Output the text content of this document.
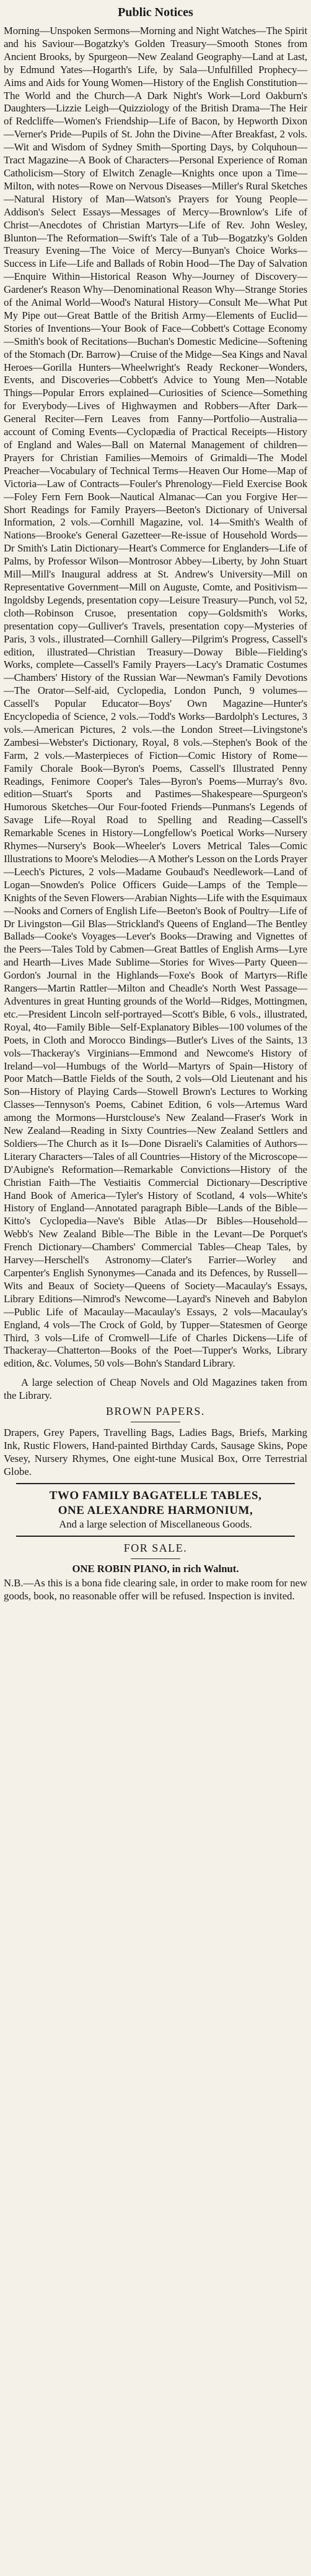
Public Notices

Morning—Unspoken Sermons—Morning and Night Watches—The Spirit and his Saviour—Bogatzky's Golden Treasury—Smooth Stones from Ancient Brooks, by Spurgeon—New Zealand Geography—Land at Last, by Edmund Yates—Hogarth's Life, by Sala—Unfulfilled Prophecy—Aims and Aids for Young Women—History of the English Constitution—The World and the Church—A Dark Night's Work—Lord Oakburn's Daughters—Lizzie Leigh—Quizziology of the British Drama—The Heir of Redcliffe—Women's Friendship—Life of Bacon, by Hepworth Dixon—Verner's Pride—Pupils of St. John the Divine—After Breakfast, 2 vols.—Wit and Wisdom of Sydney Smith—Sporting Days, by Colquhoun—Tract Magazine—A Book of Characters—Personal Experience of Roman Catholicism—Story of Elwitch Zenagle—Knights once upon a Time—Milton, with notes—Rowe on Nervous Diseases—Miller's Rural Sketches—Natural History of Man—Watson's Prayers for Young People—Addison's Select Essays—Messages of Mercy—Brownlow's Life of Christ—Anecdotes of Christian Martyrs—Life of Rev. John Wesley, Blunton—The Reformation—Swift's Tale of a Tub—Bogatzky's Golden Treasury Evening—The Voice of Mercy—Bunyan's Choice Works—Success in Life—Life and Ballads of Robin Hood—The Day of Salvation—Enquire Within—Historical Reason Why—Journey of Discovery—Gardener's Reason Why—Denominational Reason Why—Strange Stories of the Animal World—Wood's Natural History—Consult Me—What Put My Pipe out—Great Battle of the British Army—Elements of Euclid—Stories of Inventions—Your Book of Face—Cobbett's Cottage Economy—Smith's book of Recitations—Buchan's Domestic Medicine—Softening of the Stomach (Dr. Barrow)—Cruise of the Midge—Sea Kings and Naval Heroes—Gorilla Hunters—Wheelwright's Ready Reckoner—Wonders, Events, and Discoveries—Cobbett's Advice to Young Men—Notable Things—Popular Errors explained—Curiosities of Science—Something for Everybody—Lives of Highwaymen and Robbers—After Dark—General Reciter—Fern Leaves from Fanny—Portfolio—Australia—account of Coming Events—Cyclopædia of Practical Receipts—History of England and Wales—Ball on Maternal Management of children—Prayers for Christian Families—Memoirs of Grimaldi—The Model Preacher—Vocabulary of Technical Terms—Heaven Our Home—Map of Victoria—Law of Contracts—Fouler's Phrenology—Field Exercise Book—Foley Fern Fern Book—Nautical Almanac—Can you Forgive Her—Short Readings for Family Prayers—Beeton's Dictionary of Universal Information, 2 vols.—Cornhill Magazine, vol. 14—Smith's Wealth of Nations—Brooke's General Gazetteer—Re-issue of Household Words—Dr Smith's Latin Dictionary—Heart's Commerce for Englanders—Life of Palms, by Professor Wilson—Montrosor Abbey—Liberty, by John Stuart Mill—Mill's Inaugural address at St. Andrew's University—Mill on Representative Government—Mill on Auguste, Comte, and Positivism—Ingoldsby Legends, presentation copy—Leisure Treasury—Punch, vol 52, cloth—Robinson Crusoe, presentation copy—Goldsmith's Works, presentation copy—Gulliver's Travels, presentation copy—Mysteries of Paris, 3 vols., illustrated—Cornhill Gallery—Pilgrim's Progress, Cassell's edition, illustrated—Christian Treasury—Doway Bible—Fielding's Works, complete—Cassell's Family Prayers—Lacy's Dramatic Costumes—Chambers' History of the Russian War—Newman's Family Devotions—The Orator—Self-aid, Cyclopedia, London Punch, 9 volumes—Cassell's Popular Educator—Boys' Own Magazine—Hunter's Encyclopedia of Science, 2 vols.—Todd's Works—Bardolph's Lectures, 3 vols.—American Pictures, 2 vols.—the London Street—Livingstone's Zambesi—Webster's Dictionary, Royal, 8 vols.—Stephen's Book of the Farm, 2 vols.—Masterpieces of Fiction—Comic History of Rome—Family Chorale Book—Byron's Poems, Cassell's Illustrated Penny Readings, Fenimore Cooper's Tales—Byron's Poems—Murray's 8vo. edition—Stuart's Sports and Pastimes—Shakespeare—Spurgeon's Humorous Sketches—Our Four-footed Friends—Punmans's Legends of Savage Life—Royal Road to Spelling and Reading—Cassell's Remarkable Scenes in History—Longfellow's Poetical Works—Nursery Rhymes—Nursery's Book—Wheeler's Lovers Metrical Tales—Comic Illustrations to Moore's Melodies—A Mother's Lesson on the Lords Prayer—Leech's Pictures, 2 vols—Madame Goubaud's Needlework—Land of Logan—Snowden's Police Officers Guide—Lamps of the Temple—Knights of the Seven Flowers—Arabian Nights—Life with the Esquimaux—Nooks and Corners of English Life—Beeton's Book of Poultry—Life of Dr Livingston—Gil Blas—Strickland's Queens of England—The Bentley Ballads—Cooke's Voyages—Lever's Books—Drawing and Vignettes of the Peers—Tales Told by Cabmen—Great Battles of English Arms—Lyre and Hearth—Lives Made Sublime—Stories for Wives—Party Queen—Gordon's Journal in the Highlands—Foxe's Book of Martyrs—Rifle Rangers—Martin Rattler—Milton and Cheadle's North West Passage—Adventures in great Hunting grounds of the World—Ridges, Mottingmen, etc.—President Lincoln self-portrayed—Scott's Bible, 6 vols., illustrated, Royal, 4to—Family Bible—Self-Explanatory Bibles—100 volumes of the Poets, in Cloth and Morocco Bindings—Butler's Lives of the Saints, 13 vols—Thackeray's Virginians—Emmond and Newcome's History of Ireland—vol—Humbugs of the World—Martyrs of Spain—History of Poor Match—Battle Fields of the South, 2 vols—Old Lieutenant and his Son—History of Playing Cards—Stowell Brown's Lectures to Working Classes—Tennyson's Poems, Cabinet Edition, 6 vols—Artemus Ward among the Mormons—Hurstclouse's New Zealand—Fraser's Work in New Zealand—Reading in Sixty Countries—New Zealand Settlers and Soldiers—The Church as it Is—Done Disraeli's Calamities of Authors—Literary Characters—Tales of all Countries—History of the Microscope—D'Aubigne's Reformation—Remarkable Convictions—History of the Christian Faith—The Vestiaitis Commercial Dictionary—Descriptive Hand Book of America—Tyler's History of Scotland, 4 vols—White's History of England—Annotated paragraph Bible—Lands of the Bible—Kitto's Cyclopedia—Nave's Bible Atlas—Dr Bibles—Household—Webb's New Zealand Bible—The Bible in the Levant—De Porquet's French Dictionary—Chambers' Commercial Tables—Cheap Tales, by Harvey—Herschell's Astronomy—Clater's Farrier—Worley and Carpenter's English Synonymes—Canada and its Defences, by Russell—Wits and Beaux of Society—Queens of Society—Macaulay's Essays, Library Editions—Nimrod's Newcome—Layard's Nineveh and Babylon—Public Life of Macaulay—Macaulay's Essays, 2 vols—Macaulay's England, 4 vols—The Crock of Gold, by Tupper—Statesmen of George Third, 3 vols—Life of Cromwell—Life of Charles Dickens—Life of Thackeray—Chatterton—Books of the Poet—Tupper's Works, Library edition, &c. Volumes, 50 vols—Bohn's Standard Library.

A large selection of Cheap Novels and Old Magazines taken from the Library.

BROWN PAPERS.

Drapers, Grey Papers, Travelling Bags, Ladies Bags, Briefs, Marking Ink, Rustic Flowers, Hand-painted Birthday Cards, Sausage Skins, Pope Vesey, Nursery Rhymes, One eight-tune Musical Box, Orre Terrestrial Globe.

TWO FAMILY BAGATELLE TABLES,

ONE ALEXANDRE HARMONIUM,

And a large selection of Miscellaneous Goods.

FOR SALE.

ONE ROBIN PIANO, in rich Walnut.

N.B.—As this is a bona fide clearing sale, in order to make room for new goods, book, no reasonable offer will be refused. Inspection is invited.
